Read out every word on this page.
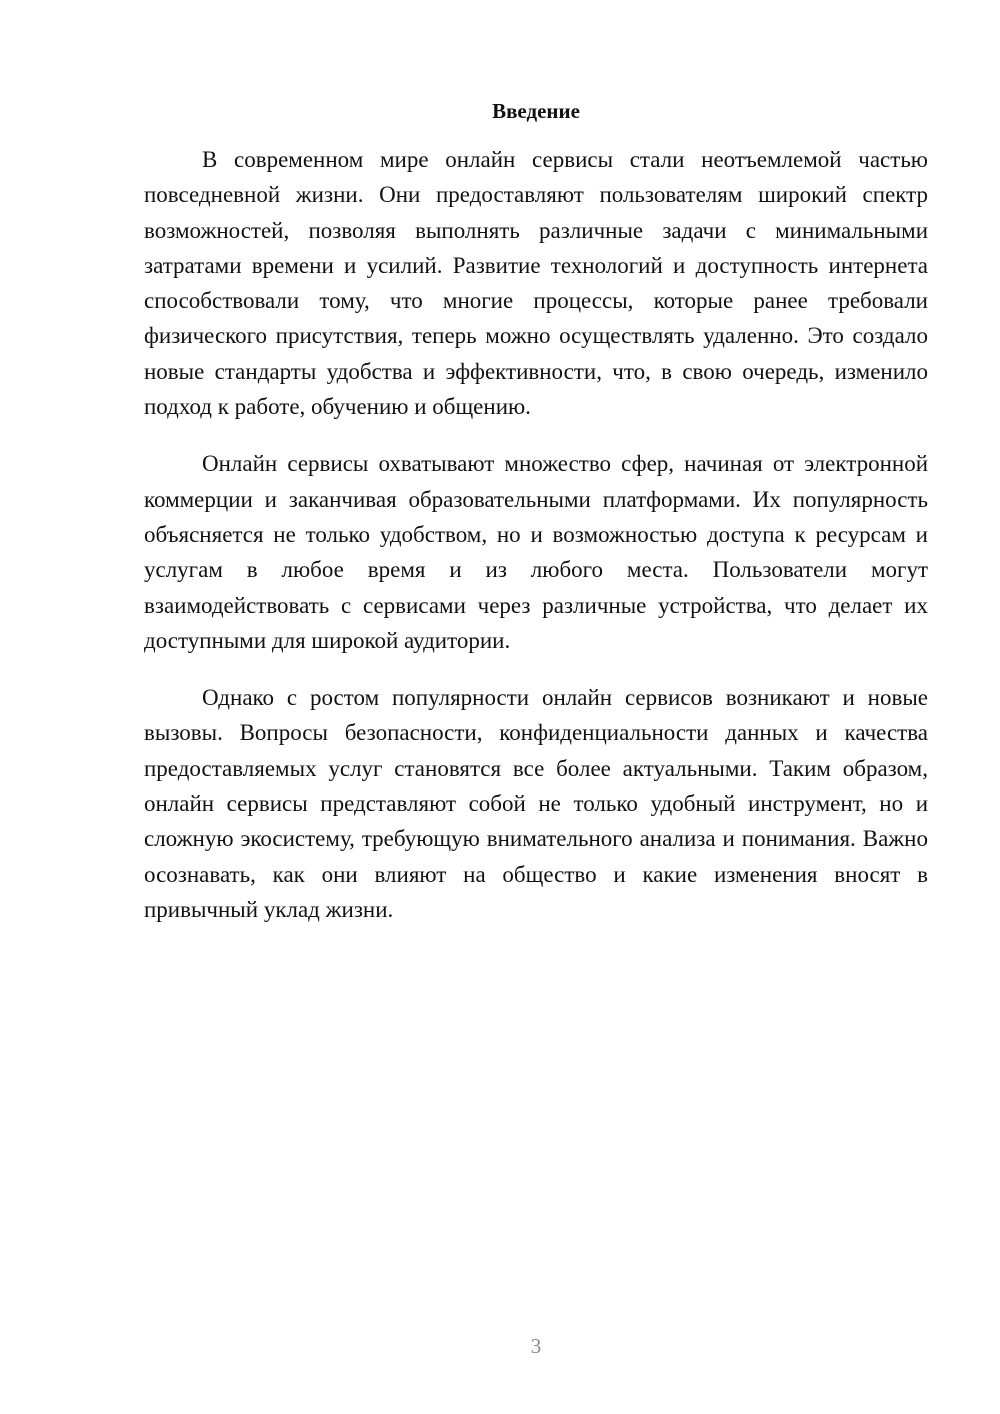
Введение

В современном мире онлайн сервисы стали неотъемлемой частью повседневной жизни. Они предоставляют пользователям широкий спектр возможностей, позволяя выполнять различные задачи с минимальными затратами времени и усилий. Развитие технологий и доступность интернета способствовали тому, что многие процессы, которые ранее требовали физического присутствия, теперь можно осуществлять удаленно. Это создало новые стандарты удобства и эффективности, что, в свою очередь, изменило подход к работе, обучению и общению.

Онлайн сервисы охватывают множество сфер, начиная от электронной коммерции и заканчивая образовательными платформами. Их популярность объясняется не только удобством, но и возможностью доступа к ресурсам и услугам в любое время и из любого места. Пользователи могут взаимодействовать с сервисами через различные устройства, что делает их доступными для широкой аудитории.

Однако с ростом популярности онлайн сервисов возникают и новые вызовы. Вопросы безопасности, конфиденциальности данных и качества предоставляемых услуг становятся все более актуальными. Таким образом, онлайн сервисы представляют собой не только удобный инструмент, но и сложную экосистему, требующую внимательного анализа и понимания. Важно осознавать, как они влияют на общество и какие изменения вносят в привычный уклад жизни.

3
